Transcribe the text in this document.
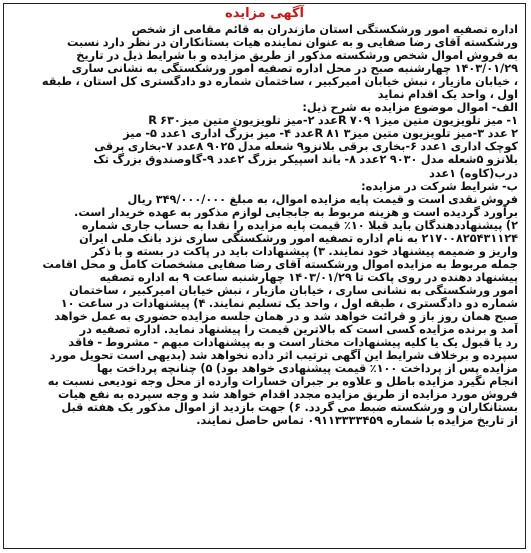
آگهی مزایده
اداره تصفیه امور ورشکستگی استان مازندران به قائم مقامی از شخص
ورشکسته آقای رضا صفایی و به عنوان نماینده هیات بستانکاران در نظر دارد نسبت
به فروش اموال شخص ورشکسته مذکور از طریق مزایده و با شرایط ذیل در تاریخ
۱۴۰۳/۰۱/۲۹ چهارشنبه صبح در محل اداره تصفیه امور ورشکستگی به نشانی ساری
، خیابان مازیار ، نبش خیابان امیرکبیر ، ساختمان شماره دو دادگستری کل استان ، طبقه
اول ، واحد یک اقدام نماید
الف- اموال موضوع مزایده به شرح ذیل:
۱- میز تلویزیون متین میزR ۷۰۹ ۱عدد ۲-میز تلویزیون متین میزR ۶۳۰
۲ عدد ۳-میز تلویزیون متین میزR ۸۱ ۳عدد ۴- میز بزرگ اداری ۱عدد ۵- میز
کوچک اداری ۱عدد ۶-بخاری برقی بلانزو۹ شعله مدل ۹۰۲۵ ۸عدد ۷-بخاری برقی
بلانزو ۵شعله مدل ۹۰۳۰ ۲عدد ۸- باند اسپیکر بزرگ ۲عدد ۹-گاوصندوق بزرگ تک
درب(کاوه) ۱عدد
ب- شرایط شرکت در مزایده:
فروش نقدی است و قیمت پایه مزایده اموال، به مبلغ ۳۴۹/۰۰۰/۰۰۰ ریال
برآورد گردیده است و هزینه مربوط به جابجایی لوازم مذکور به عهده خریدار است.
۲) پیشنهاددهندگان باید قبلا ۱۰٪ قیمت پایه مزایده را نقدا به حساب جاری شماره
۲۱۷۰۰۸۲۵۴۳۱۱۲۴ به نام اداره تصفیه امور ورشکستگی ساری نزد بانک ملی ایران
واریز و ضمیمه پیشنهاد خود نمایند. ۳) پیشنهادات باید در پاکت در بسته و با ذکر
جمله مربوط به مزایده اموال ورشکسته آقای رضا صفایی مشخصات کامل و محل اقامت
پیشنهاد دهنده در روی پاکت تا ۱۴۰۳/۰۱/۲۹ چهارشنبه ساعت ۹ به اداره تصفیه
امور ورشکستگی به نشانی ساری ، خیابان مازیار ، نبش خیابان امیرکبیر ، ساختمان
شماره دو دادگستری ، طبقه اول ، واحد یک تسلیم نمایند. ۴) پیشنهادات در ساعت ۱۰
صبح همان روز باز و قرائت خواهد شد و در همان جلسه مزایده حضوری به عمل خواهد
آمد و برنده مزایده کسی است که بالاترین قیمت را پیشنهاد نماید. اداره تصفیه در
رد یا قبول یک یا کلیه پیشنهادات مختار است و به پیشنهادات مبهم - مشروط - فاقد
سپرده و برخلاف شرایط این آگهی ترتیب اثر داده نخواهد شد (بدیهی است تحویل مورد
مزایده پس از پرداخت ۱۰۰٪ قیمت پیشنهادی خواهد بود) ۵) چنانچه پرداخت بها
انجام نگیرد مزایده باطل و علاوه بر جبران خسارات وارده از محل وجه تودیعی نسبت به
فروش مورد مزایده از طریق مزایده مجدد اقدام خواهد شد و وجه سپرده به نفع هیات
بستانکاران و ورشکسته ضبط می گردد. ۶) جهت بازدید از اموال مذکور یک هفته قبل
از تاریخ مزایده با شماره ۰۹۱۱۳۳۳۳۴۵۹ تماس حاصل نمایند.
